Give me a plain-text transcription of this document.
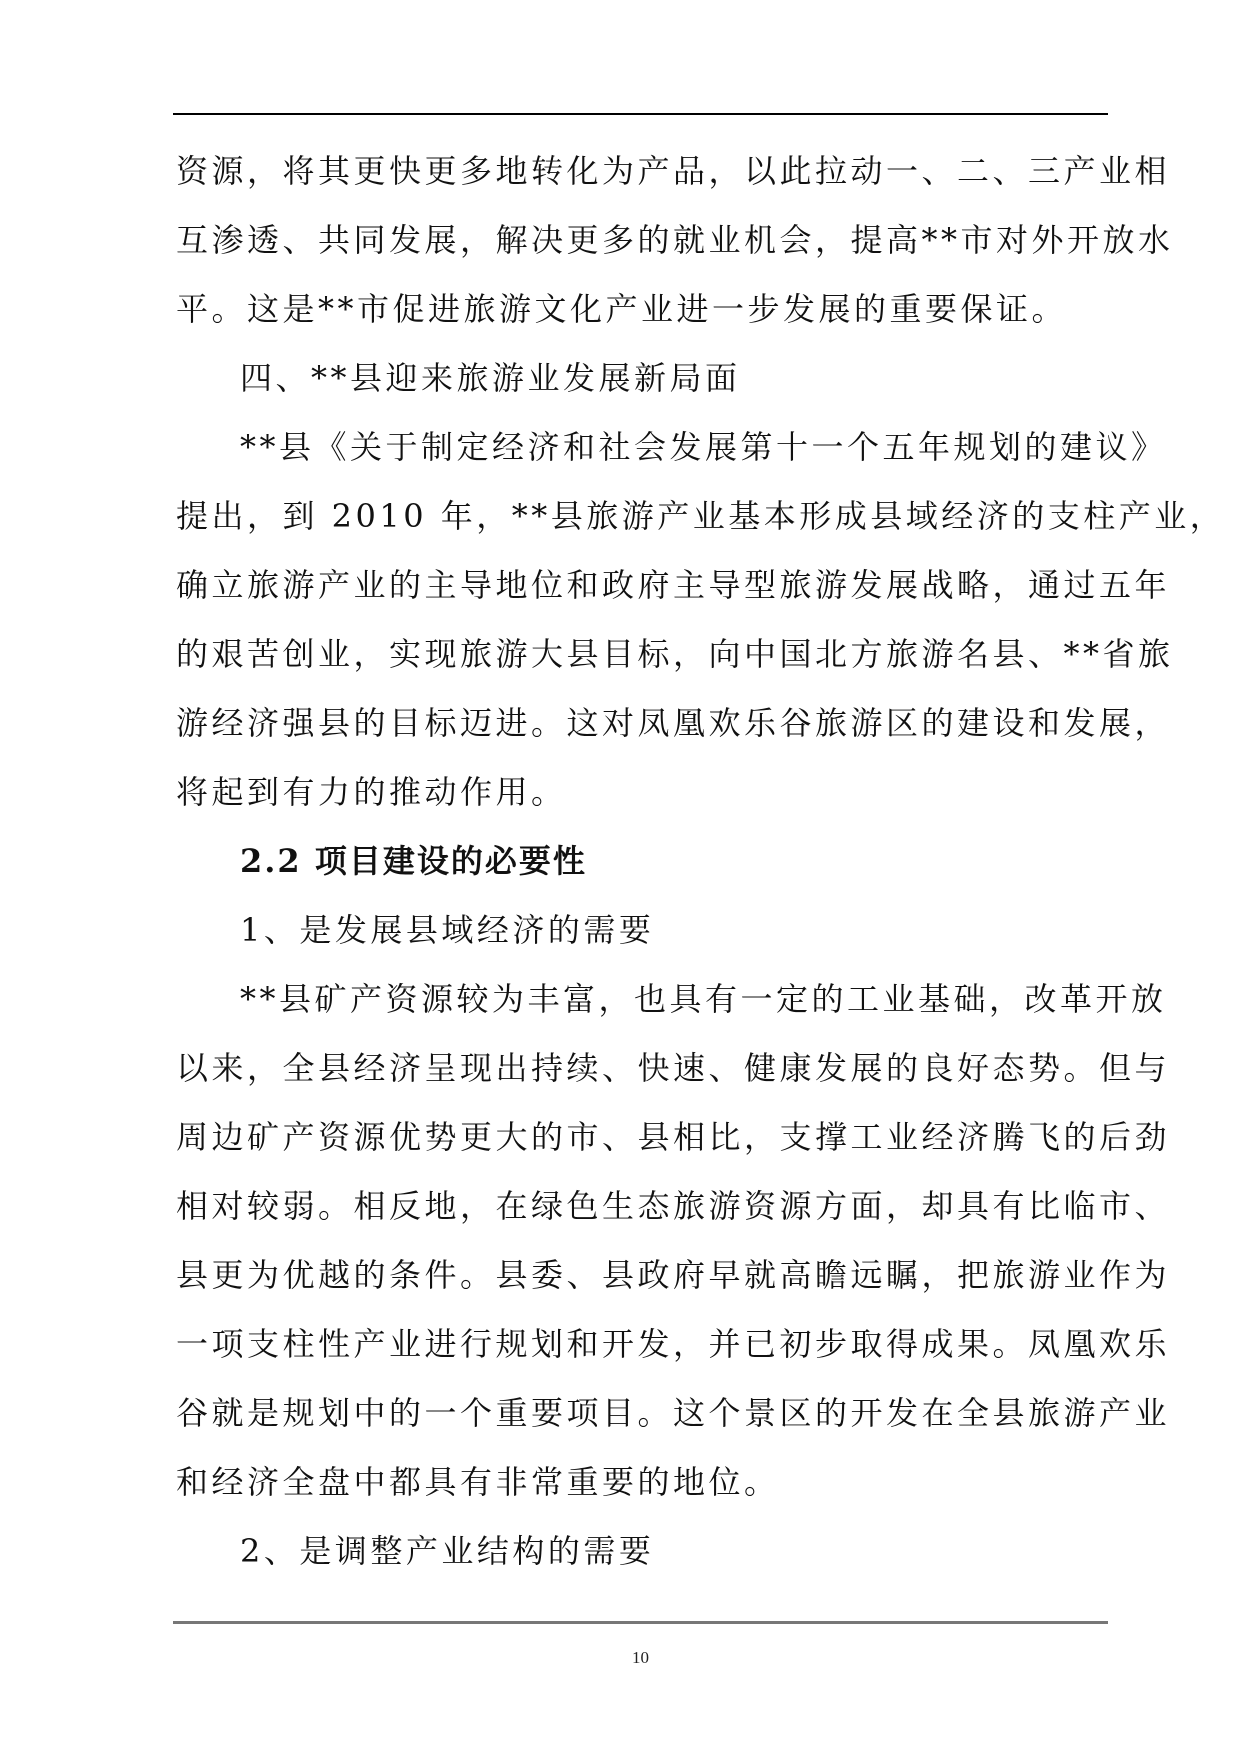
资源，将其更快更多地转化为产品，以此拉动一、二、三产业相
互渗透、共同发展，解决更多的就业机会，提高**市对外开放水
平。这是**市促进旅游文化产业进一步发展的重要保证。
四、**县迎来旅游业发展新局面
**县《关于制定经济和社会发展第十一个五年规划的建议》
提出，到 2010 年，**县旅游产业基本形成县域经济的支柱产业，
确立旅游产业的主导地位和政府主导型旅游发展战略，通过五年
的艰苦创业，实现旅游大县目标，向中国北方旅游名县、**省旅
游经济强县的目标迈进。这对凤凰欢乐谷旅游区的建设和发展，
将起到有力的推动作用。
2.2 项目建设的必要性
1、是发展县域经济的需要
**县矿产资源较为丰富，也具有一定的工业基础，改革开放
以来，全县经济呈现出持续、快速、健康发展的良好态势。但与
周边矿产资源优势更大的市、县相比，支撑工业经济腾飞的后劲
相对较弱。相反地，在绿色生态旅游资源方面，却具有比临市、
县更为优越的条件。县委、县政府早就高瞻远瞩，把旅游业作为
一项支柱性产业进行规划和开发，并已初步取得成果。凤凰欢乐
谷就是规划中的一个重要项目。这个景区的开发在全县旅游产业
和经济全盘中都具有非常重要的地位。
2、是调整产业结构的需要
10
